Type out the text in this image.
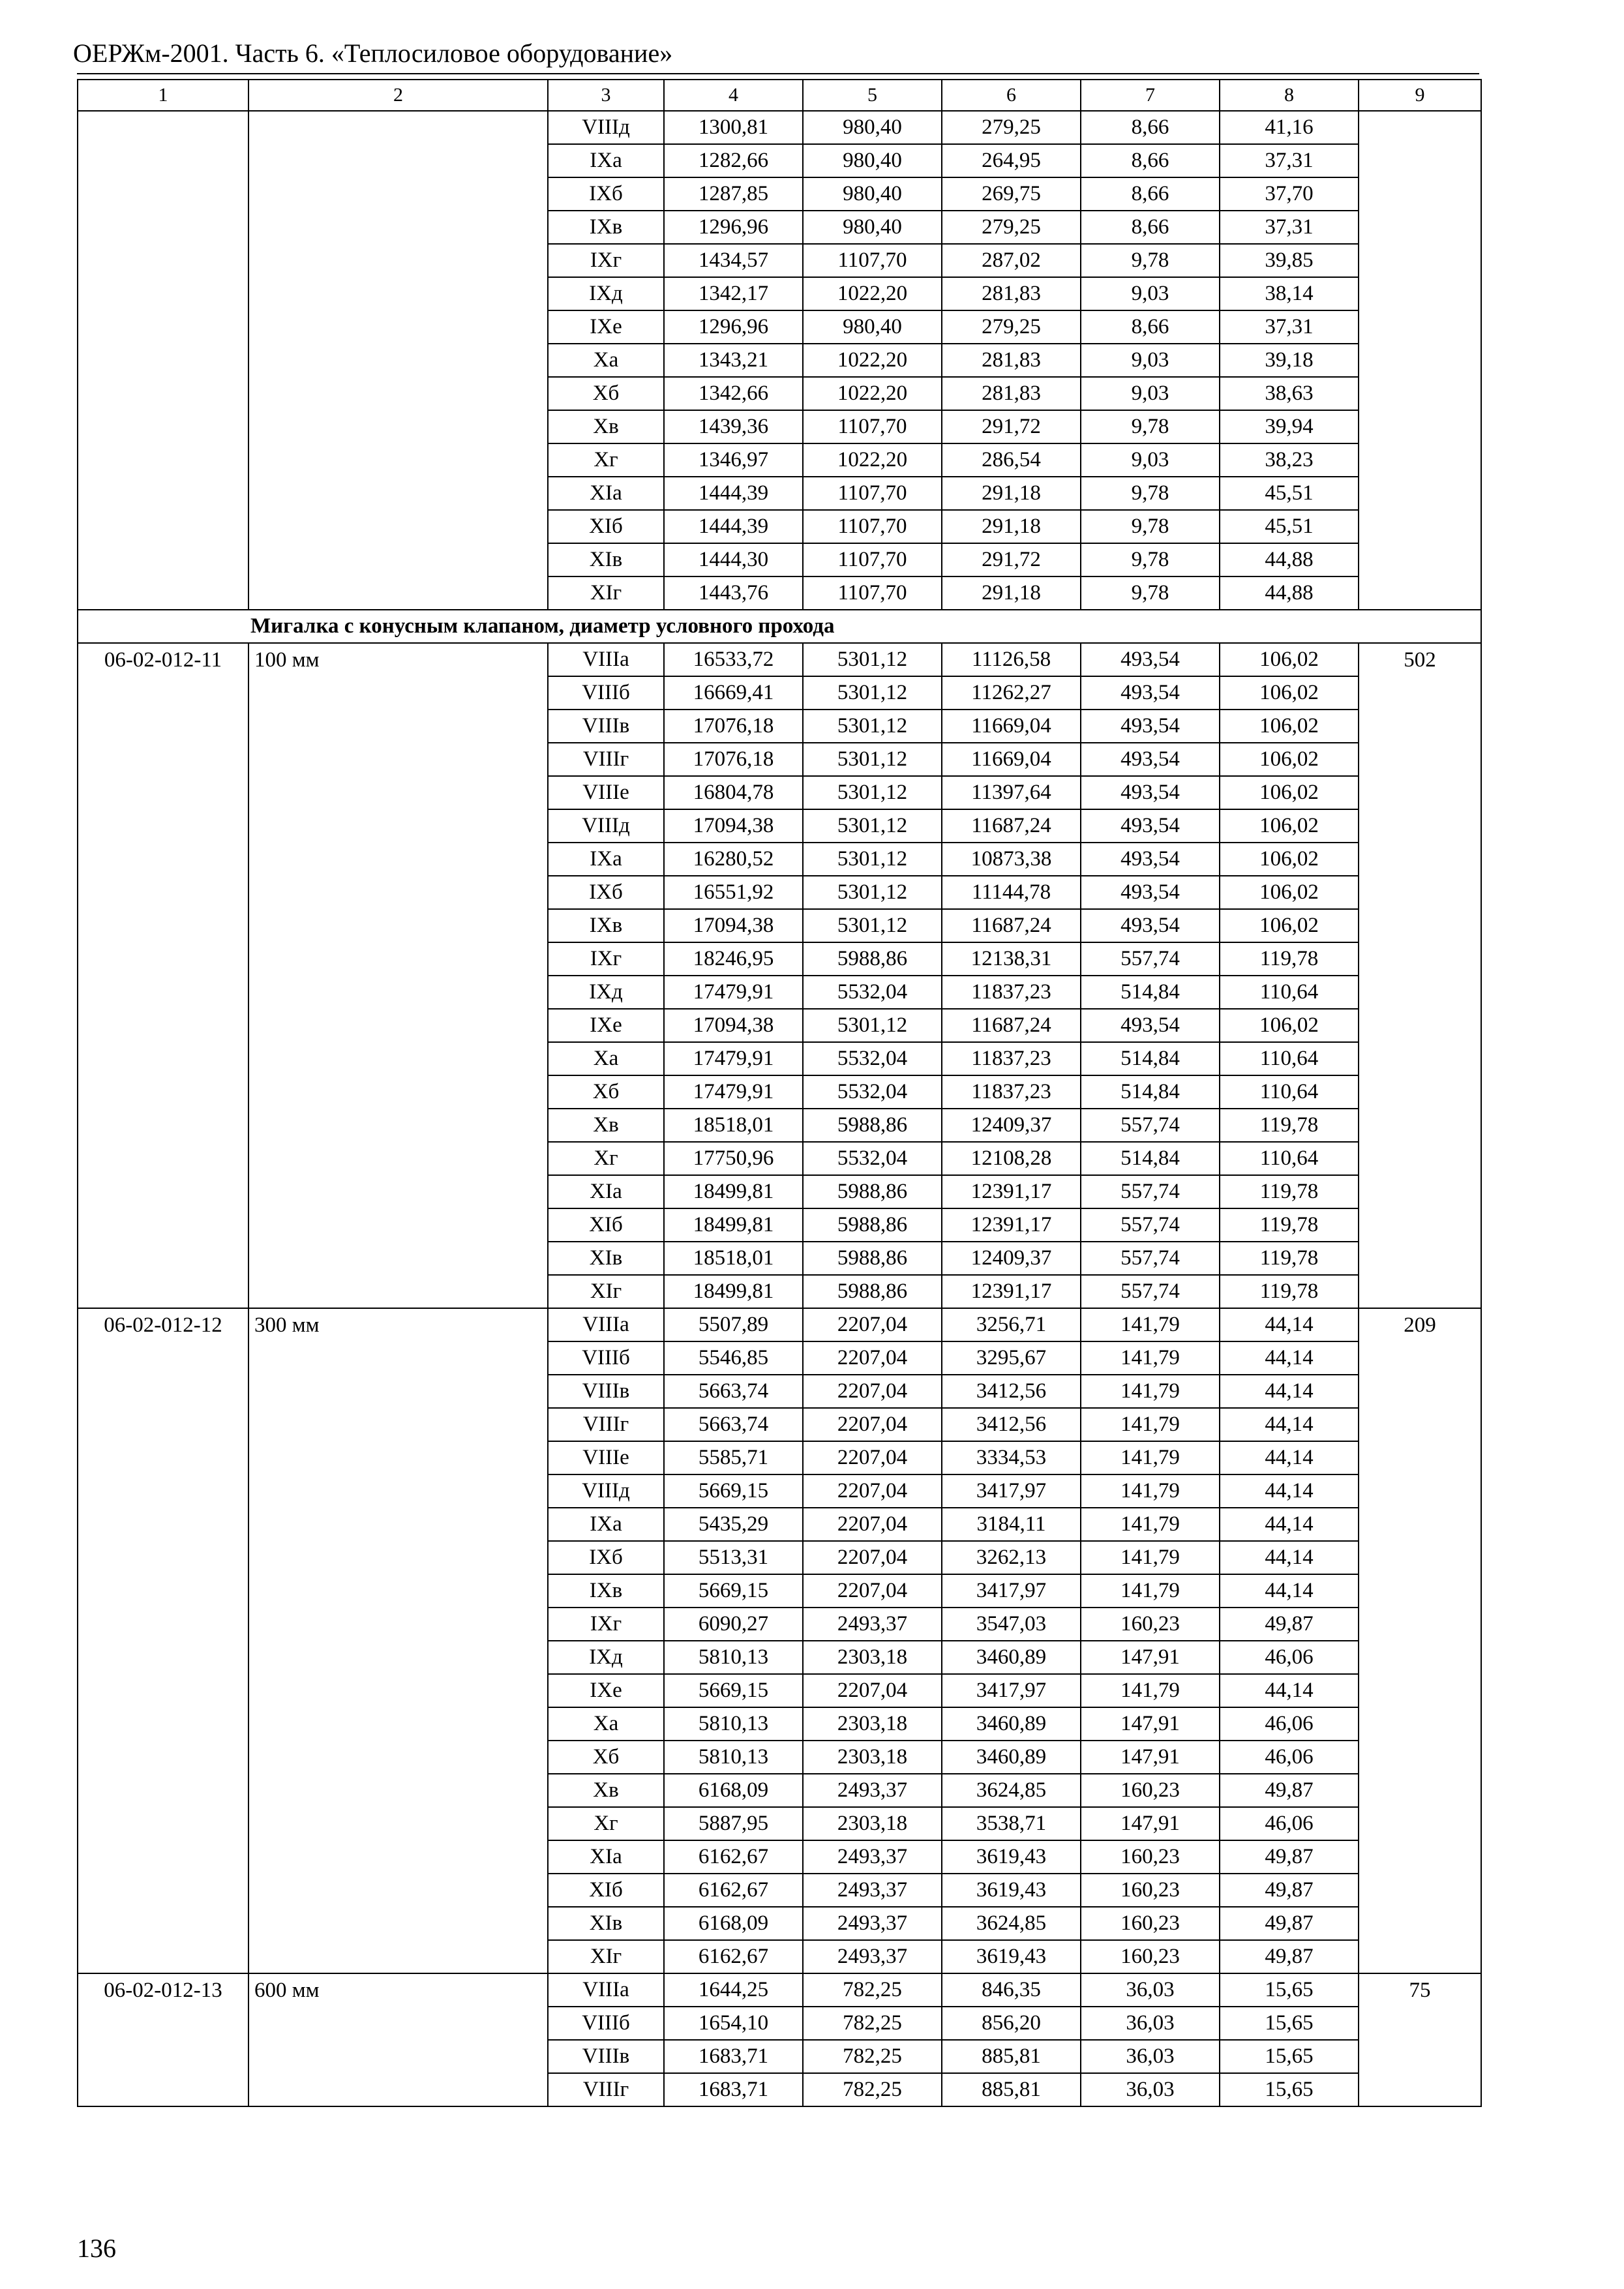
ОЕРЖм-2001. Часть 6. «Теплосиловое оборудование»
1	2	3	4	5	6	7	8	9
		VIIIд	1300,81	980,40	279,25	8,66	41,16	
		IXа	1282,66	980,40	264,95	8,66	37,31	
		IXб	1287,85	980,40	269,75	8,66	37,70	
		IXв	1296,96	980,40	279,25	8,66	37,31	
		IXг	1434,57	1107,70	287,02	9,78	39,85	
		IXд	1342,17	1022,20	281,83	9,03	38,14	
		IXе	1296,96	980,40	279,25	8,66	37,31	
		Xа	1343,21	1022,20	281,83	9,03	39,18	
		Xб	1342,66	1022,20	281,83	9,03	38,63	
		Xв	1439,36	1107,70	291,72	9,78	39,94	
		Xг	1346,97	1022,20	286,54	9,03	38,23	
		XIа	1444,39	1107,70	291,18	9,78	45,51	
		XIб	1444,39	1107,70	291,18	9,78	45,51	
		XIв	1444,30	1107,70	291,72	9,78	44,88	
		XIг	1443,76	1107,70	291,18	9,78	44,88	
Мигалка с конусным клапаном, диаметр условного прохода								
06-02-012-11	100 мм	VIIIа	16533,72	5301,12	11126,58	493,54	106,02	502
		VIIIб	16669,41	5301,12	11262,27	493,54	106,02	
		VIIIв	17076,18	5301,12	11669,04	493,54	106,02	
		VIIIг	17076,18	5301,12	11669,04	493,54	106,02	
		VIIIе	16804,78	5301,12	11397,64	493,54	106,02	
		VIIIд	17094,38	5301,12	11687,24	493,54	106,02	
		IXа	16280,52	5301,12	10873,38	493,54	106,02	
		IXб	16551,92	5301,12	11144,78	493,54	106,02	
		IXв	17094,38	5301,12	11687,24	493,54	106,02	
		IXг	18246,95	5988,86	12138,31	557,74	119,78	
		IXд	17479,91	5532,04	11837,23	514,84	110,64	
		IXе	17094,38	5301,12	11687,24	493,54	106,02	
		Xа	17479,91	5532,04	11837,23	514,84	110,64	
		Xб	17479,91	5532,04	11837,23	514,84	110,64	
		Xв	18518,01	5988,86	12409,37	557,74	119,78	
		Xг	17750,96	5532,04	12108,28	514,84	110,64	
		XIа	18499,81	5988,86	12391,17	557,74	119,78	
		XIб	18499,81	5988,86	12391,17	557,74	119,78	
		XIв	18518,01	5988,86	12409,37	557,74	119,78	
		XIг	18499,81	5988,86	12391,17	557,74	119,78	
06-02-012-12	300 мм	VIIIа	5507,89	2207,04	3256,71	141,79	44,14	209
		VIIIб	5546,85	2207,04	3295,67	141,79	44,14	
		VIIIв	5663,74	2207,04	3412,56	141,79	44,14	
		VIIIг	5663,74	2207,04	3412,56	141,79	44,14	
		VIIIе	5585,71	2207,04	3334,53	141,79	44,14	
		VIIIд	5669,15	2207,04	3417,97	141,79	44,14	
		IXа	5435,29	2207,04	3184,11	141,79	44,14	
		IXб	5513,31	2207,04	3262,13	141,79	44,14	
		IXв	5669,15	2207,04	3417,97	141,79	44,14	
		IXг	6090,27	2493,37	3547,03	160,23	49,87	
		IXд	5810,13	2303,18	3460,89	147,91	46,06	
		IXе	5669,15	2207,04	3417,97	141,79	44,14	
		Xа	5810,13	2303,18	3460,89	147,91	46,06	
		Xб	5810,13	2303,18	3460,89	147,91	46,06	
		Xв	6168,09	2493,37	3624,85	160,23	49,87	
		Xг	5887,95	2303,18	3538,71	147,91	46,06	
		XIа	6162,67	2493,37	3619,43	160,23	49,87	
		XIб	6162,67	2493,37	3619,43	160,23	49,87	
		XIв	6168,09	2493,37	3624,85	160,23	49,87	
		XIг	6162,67	2493,37	3619,43	160,23	49,87	
06-02-012-13	600 мм	VIIIа	1644,25	782,25	846,35	36,03	15,65	75
		VIIIб	1654,10	782,25	856,20	36,03	15,65	
		VIIIв	1683,71	782,25	885,81	36,03	15,65	
		VIIIг	1683,71	782,25	885,81	36,03	15,65	
136
